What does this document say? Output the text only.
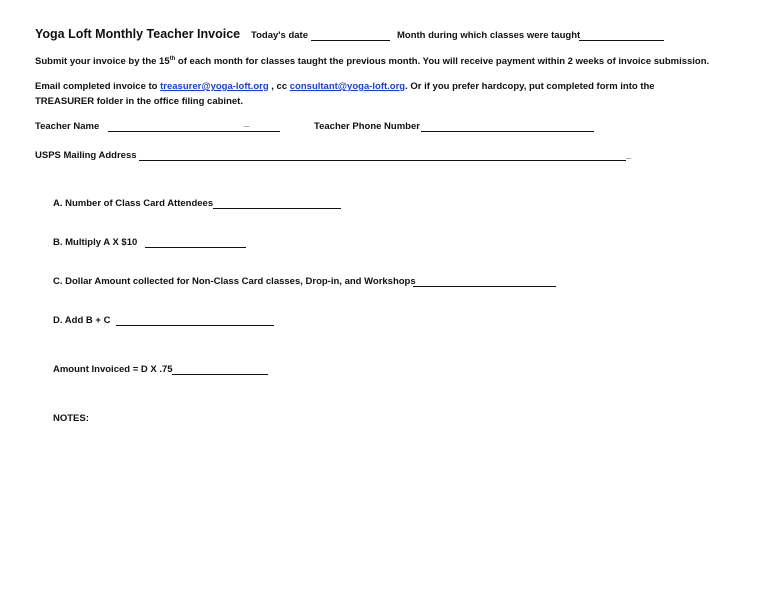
Yoga Loft Monthly Teacher Invoice Today's date	Month during which classes were taught
Submit your invoice by the 15th of each month for classes taught the previous month. You will receive payment within 2 weeks of invoice submission.
Email completed invoice to treasurer@yoga-loft.org , cc consultant@yoga-loft.org. Or if you prefer hardcopy, put completed form into the
TREASURER folder in the office filing cabinet.
Teacher Name	_	Teacher Phone Number
USPS Mailing Address	_
A. Number of Class Card Attendees
B. Multiply A X $10
C. Dollar Amount collected for Non-Class Card classes, Drop-in, and Workshops
D. Add B + C
Amount Invoiced = D X .75
NOTES:
